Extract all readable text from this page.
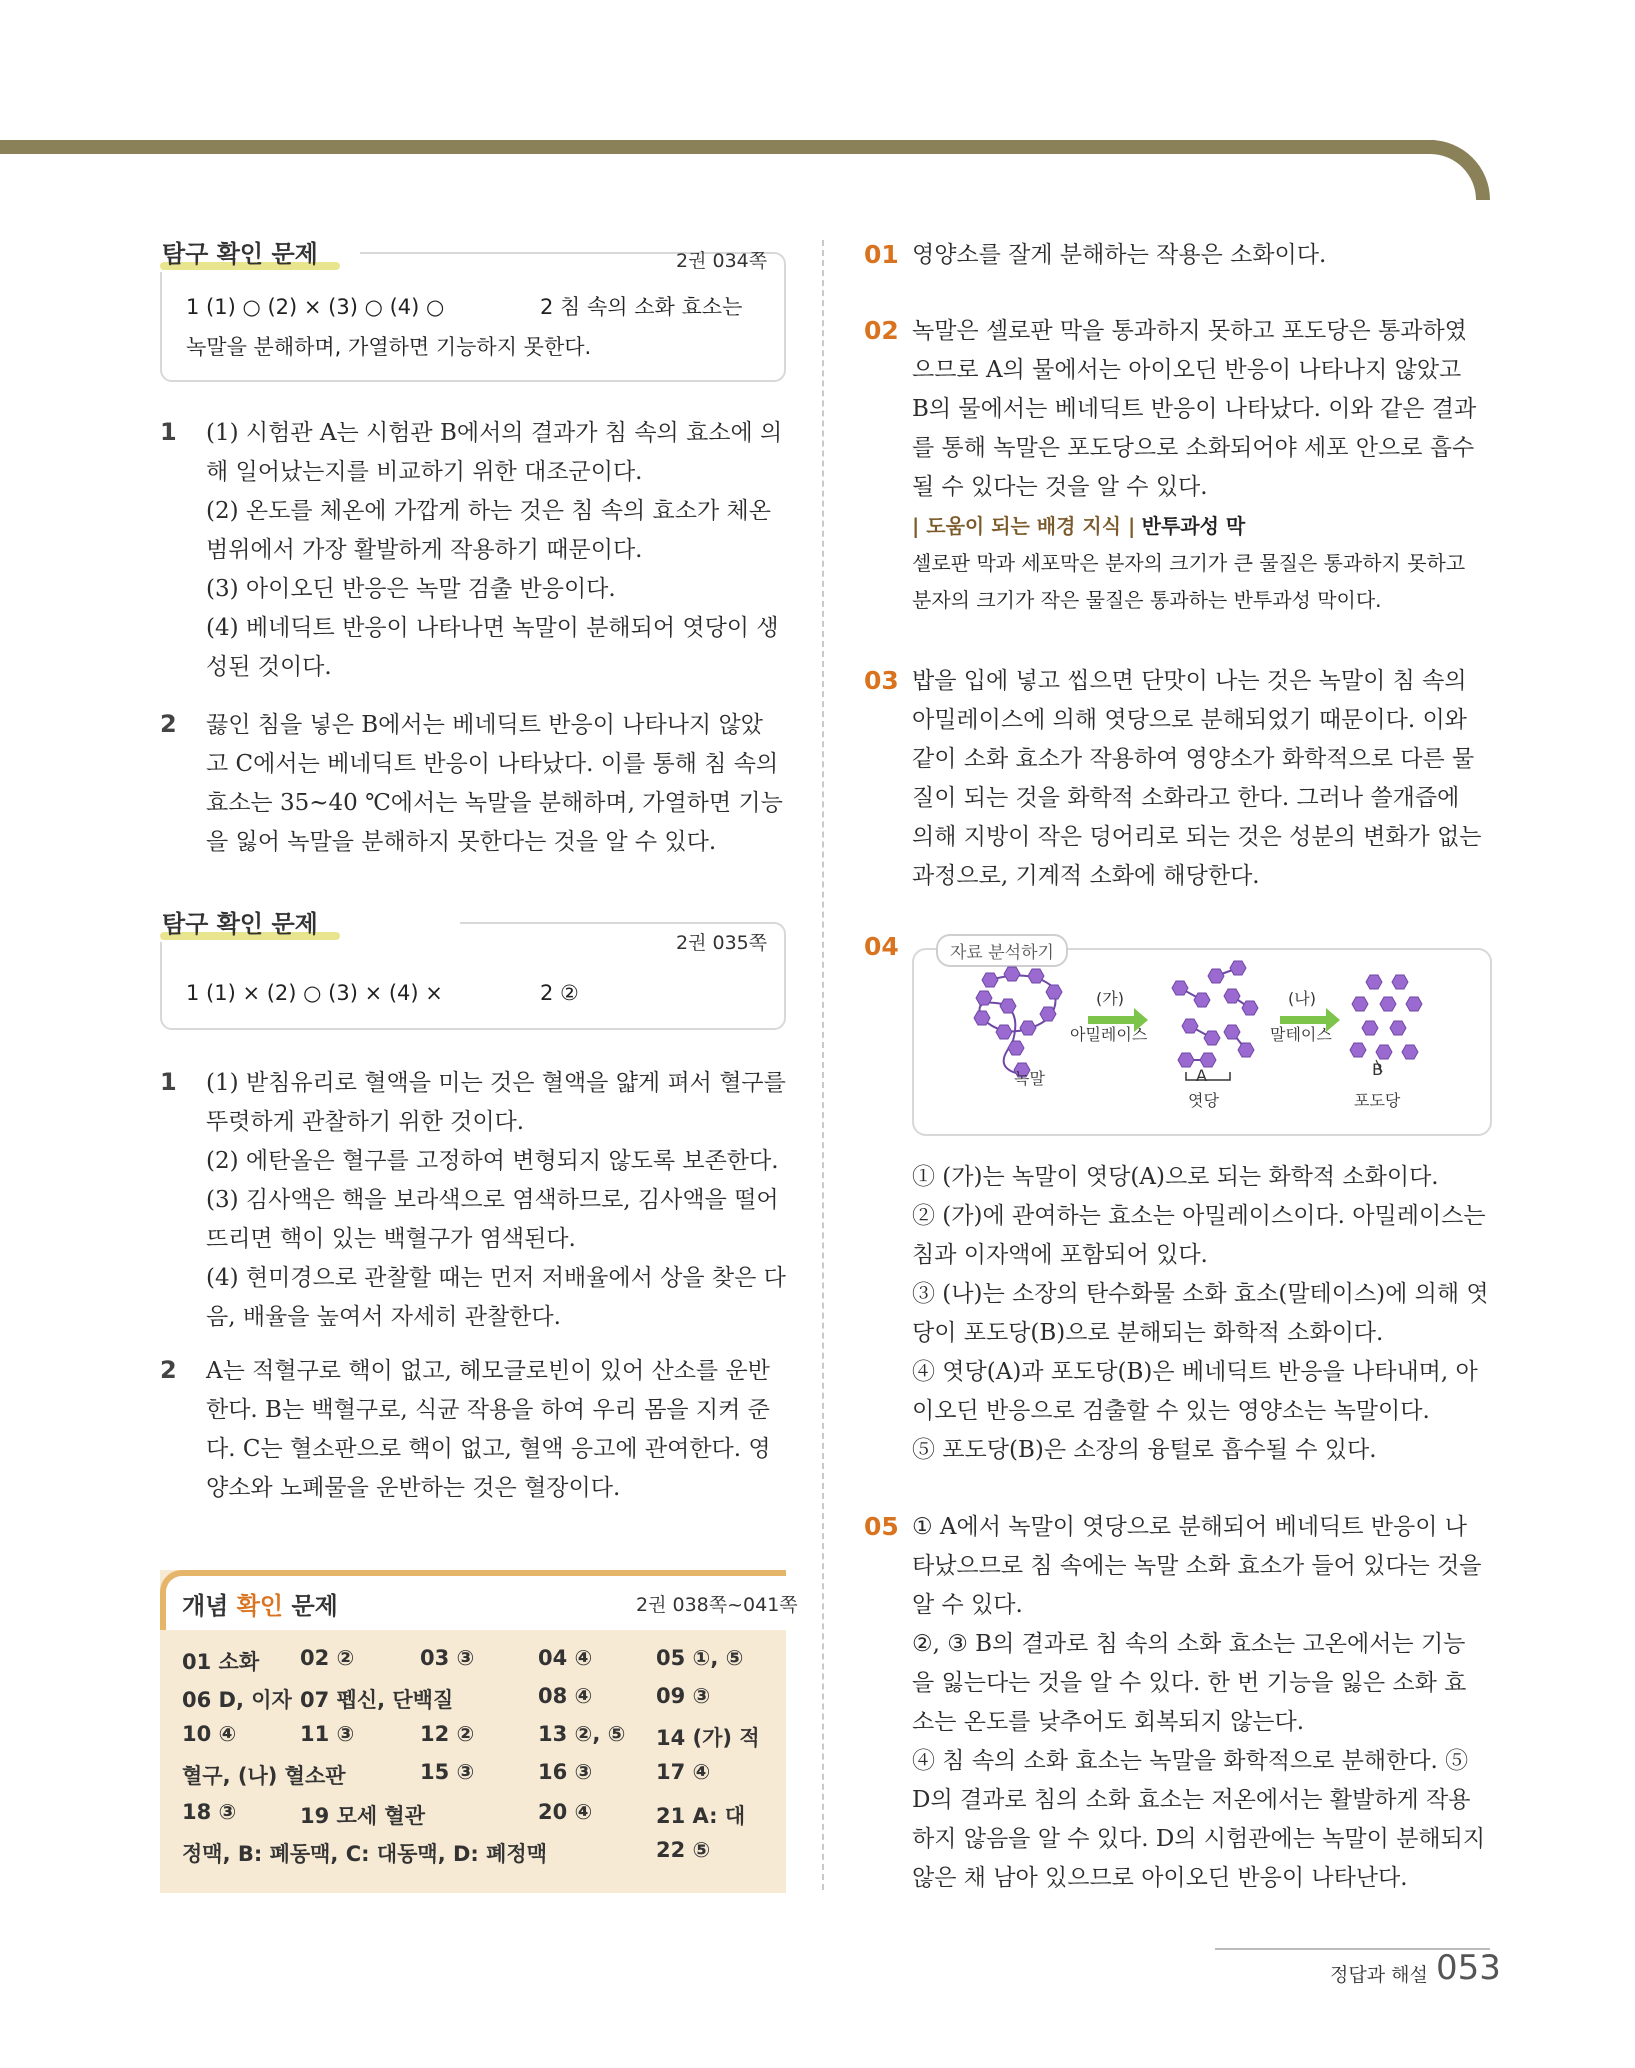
탐구 확인 문제	2권 034쪽
1 (1) ○ (2) × (3) ○ (4) ○	2 침 속의 소화 효소는
녹말을 분해하며, 가열하면 기능하지 못한다.
1 (1) 시험관 A는 시험관 B에서의 결과가 침 속의 효소에 의

해 일어났는지를 비교하기 위한 대조군이다.

(2) 온도를 체온에 가깝게 하는 것은 침 속의 효소가 체온

범위에서 가장 활발하게 작용하기 때문이다.

(3) 아이오딘 반응은 녹말 검출 반응이다.

(4) 베네딕트 반응이 나타나면 녹말이 분해되어 엿당이 생

성된 것이다.

2 끓인 침을 넣은 B에서는 베네딕트 반응이 나타나지 않았

고 C에서는 베네딕트 반응이 나타났다. 이를 통해 침 속의

효소는 35~40 ℃에서는 녹말을 분해하며, 가열하면 기능

을 잃어 녹말을 분해하지 못한다는 것을 알 수 있다.

탐구 확인 문제
2권 035쪽
1 (1) × (2) ○ (3) × (4) ×	2 ②
1 (1) 받침유리로 혈액을 미는 것은 혈액을 얇게 펴서 혈구를

뚜렷하게 관찰하기 위한 것이다.

(2) 에탄올은 혈구를 고정하여 변형되지 않도록 보존한다.

(3) 김사액은 핵을 보라색으로 염색하므로, 김사액을 떨어

뜨리면 핵이 있는 백혈구가 염색된다.

(4) 현미경으로 관찰할 때는 먼저 저배율에서 상을 찾은 다

음, 배율을 높여서 자세히 관찰한다.

2 A는 적혈구로 핵이 없고, 헤모글로빈이 있어 산소를 운반

한다. B는 백혈구로, 식균 작용을 하여 우리 몸을 지켜 준

다. C는 혈소판으로 핵이 없고, 혈액 응고에 관여한다. 영

양소와 노폐물을 운반하는 것은 혈장이다.

개념 확인 문제	2권 038쪽~041쪽
01 소화 02 ②	03 ③	04 ④	05 ①, ⑤
06 D, 이자 07 펩신, 단백질	08 ④	09 ③
10 ④	11 ③	12 ②	13 ②, ⑤ 14 (가) 적
혈구, (나) 혈소판	15 ③	16 ③	17 ④
18 ③	19 모세 혈관	20 ④	21 A: 대
정맥, B: 폐동맥, C: 대동맥, D: 폐정맥	22 ⑤
01 영양소를 잘게 분해하는 작용은 소화이다.

02 녹말은 셀로판 막을 통과하지 못하고 포도당은 통과하였

으므로 A의 물에서는 아이오딘 반응이 나타나지 않았고

B의 물에서는 베네딕트 반응이 나타났다. 이와 같은 결과

를 통해 녹말은 포도당으로 소화되어야 세포 안으로 흡수

될 수 있다는 것을 알 수 있다.

| 도움이 되는 배경 지식 | 반투과성 막
셀로판 막과 세포막은 분자의 크기가 큰 물질은 통과하지 못하고
분자의 크기가 작은 물질은 통과하는 반투과성 막이다.
03 밥을 입에 넣고 씹으면 단맛이 나는 것은 녹말이 침 속의

아밀레이스에 의해 엿당으로 분해되었기 때문이다. 이와

같이 소화 효소가 작용하여 영양소가 화학적으로 다른 물

질이 되는 것을 화학적 소화라고 한다. 그러나 쓸개즙에

의해 지방이 작은 덩어리로 되는 것은 성분의 변화가 없는

과정으로, 기계적 소화에 해당한다.

04	자료 분석하기
(가)
아밀레이스
(나)
말테이스
녹말	A
엿당
B
포도당

① (가)는 녹말이 엿당(A)으로 되는 화학적 소화이다.

② (가)에 관여하는 효소는 아밀레이스이다. 아밀레이스는

침과 이자액에 포함되어 있다.

③ (나)는 소장의 탄수화물 소화 효소(말테이스)에 의해 엿

당이 포도당(B)으로 분해되는 화학적 소화이다.

④ 엿당(A)과 포도당(B)은 베네딕트 반응을 나타내며, 아

이오딘 반응으로 검출할 수 있는 영양소는 녹말이다.

⑤ 포도당(B)은 소장의 융털로 흡수될 수 있다.

05 ① A에서 녹말이 엿당으로 분해되어 베네딕트 반응이 나

타났으므로 침 속에는 녹말 소화 효소가 들어 있다는 것을

알 수 있다.

②, ③ B의 결과로 침 속의 소화 효소는 고온에서는 기능

을 잃는다는 것을 알 수 있다. 한 번 기능을 잃은 소화 효

소는 온도를 낮추어도 회복되지 않는다.

④ 침 속의 소화 효소는 녹말을 화학적으로 분해한다. ⑤

D의 결과로 침의 소화 효소는 저온에서는 활발하게 작용

하지 않음을 알 수 있다. D의 시험관에는 녹말이 분해되지

않은 채 남아 있으므로 아이오딘 반응이 나타난다.

정답과 해설 053
